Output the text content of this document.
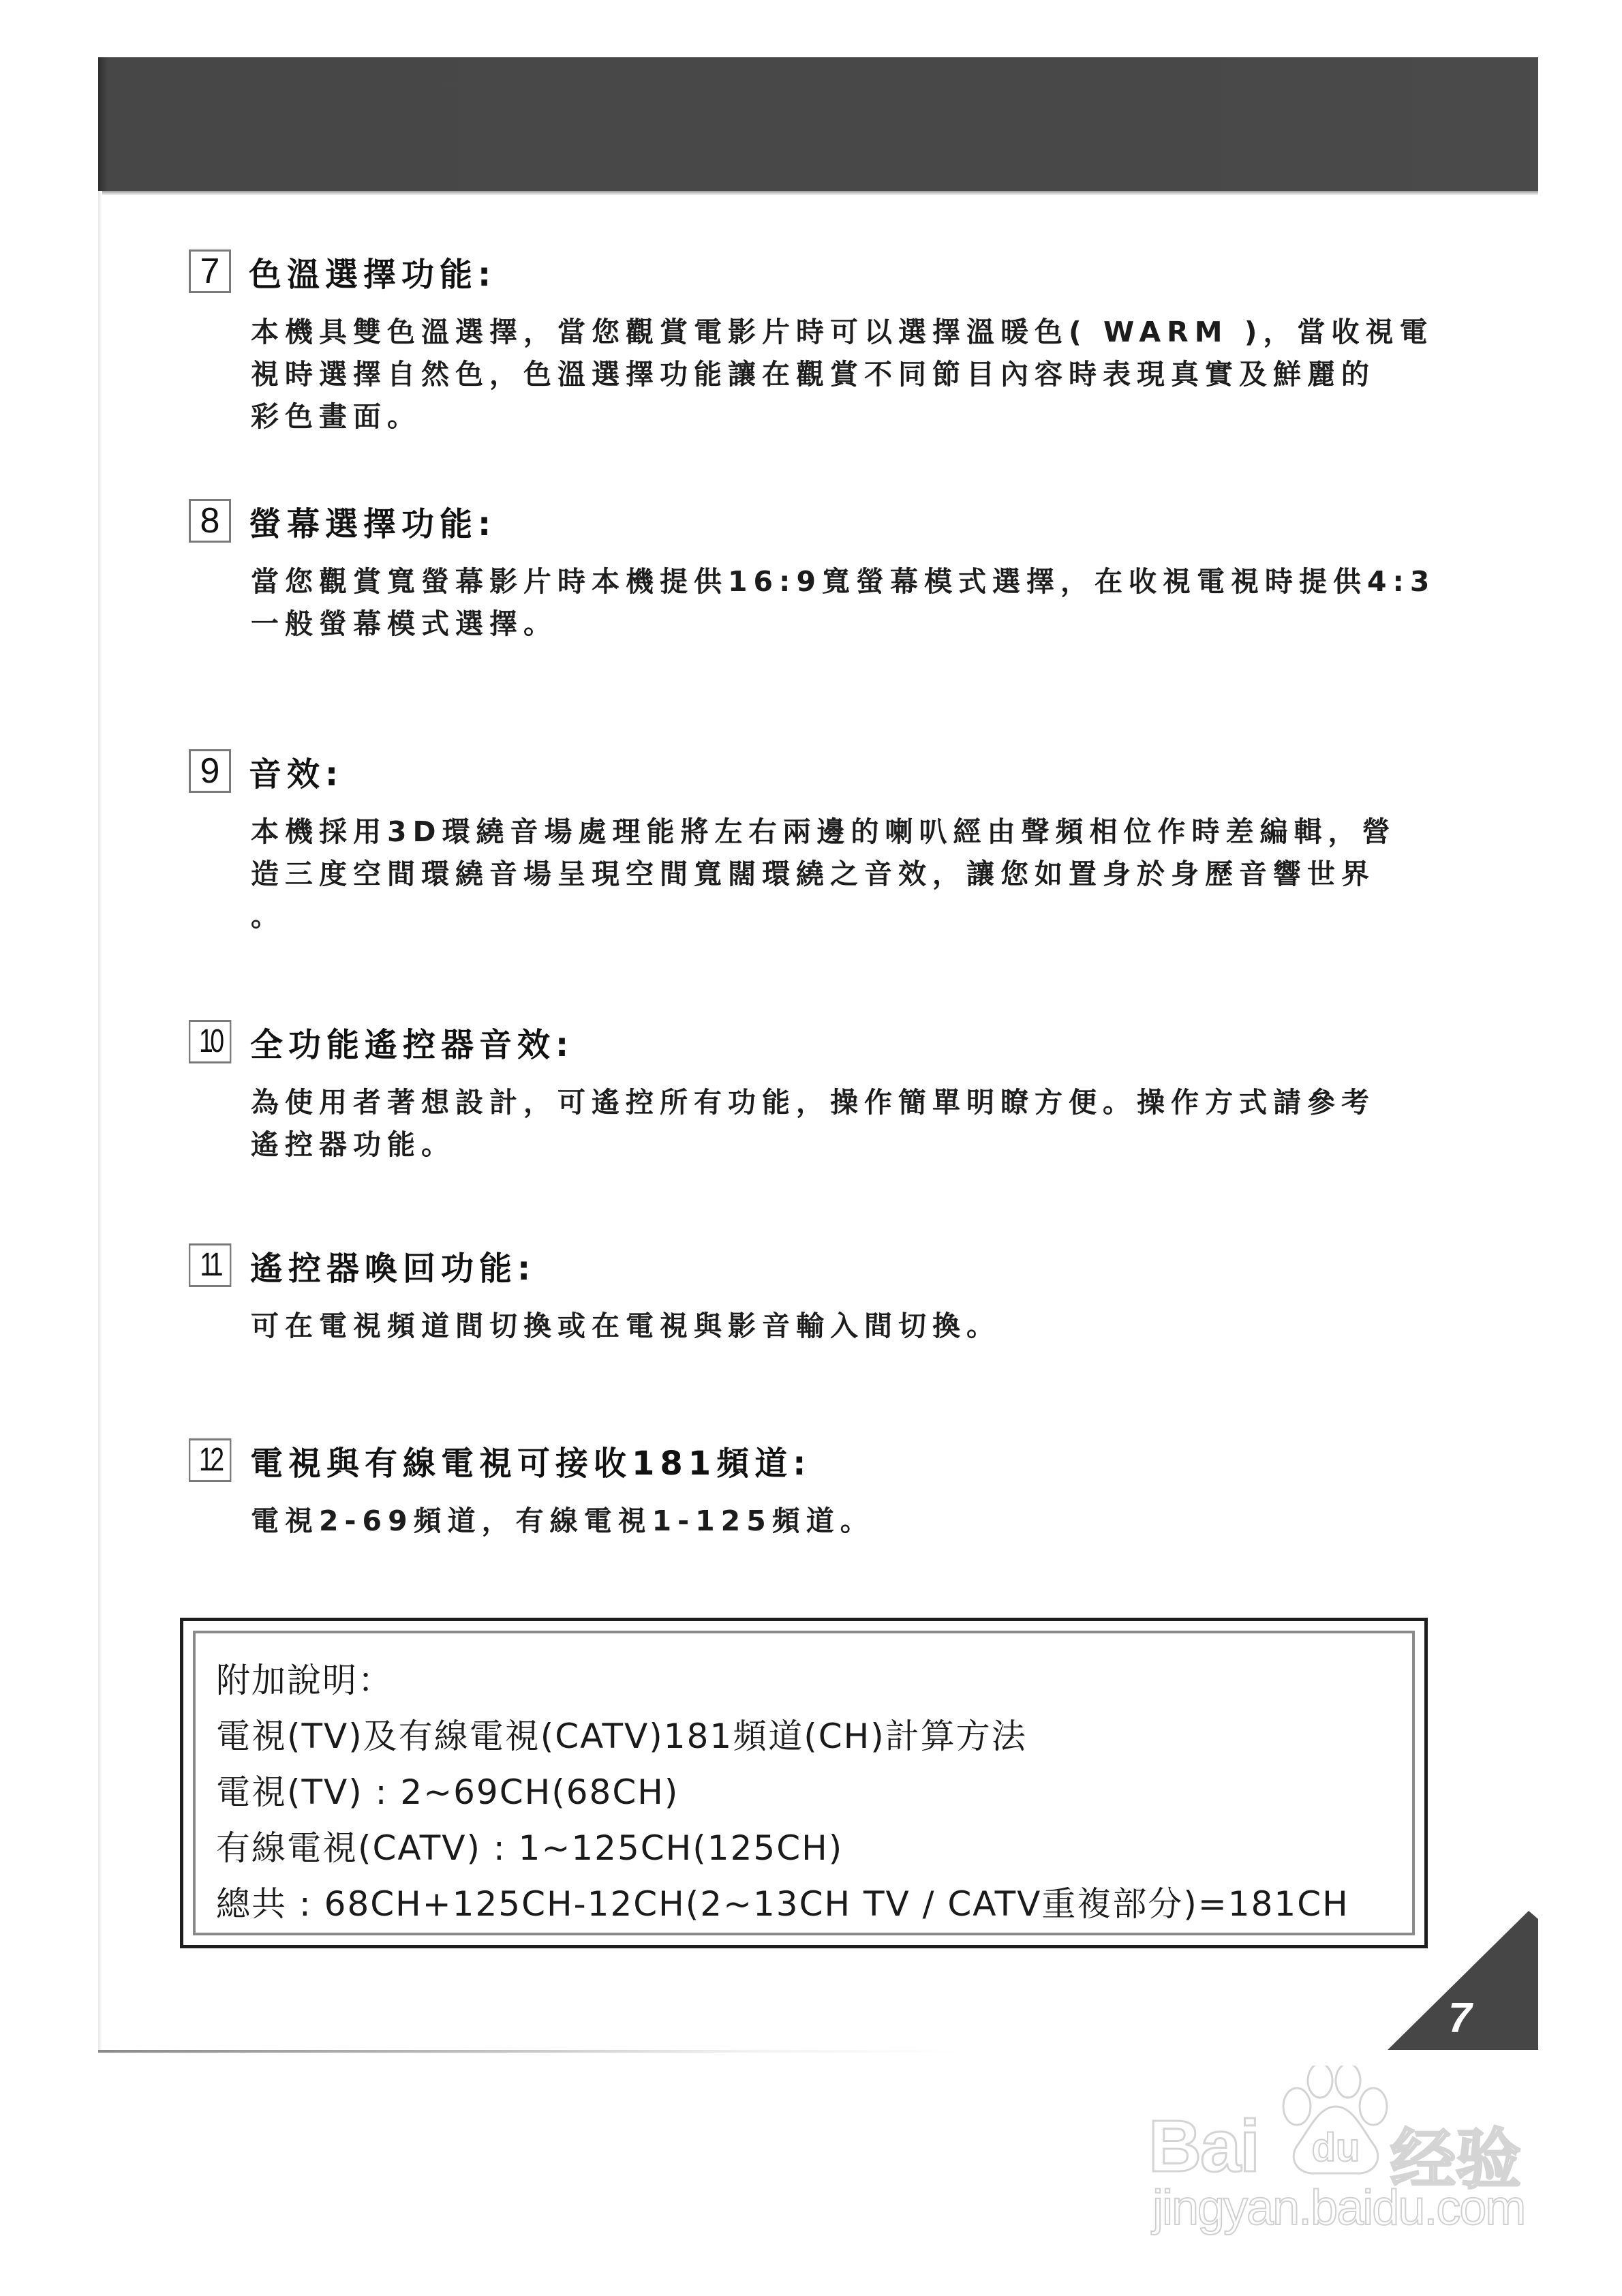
7 色溫選擇功能:

本機具雙色溫選擇，當您觀賞電影片時可以選擇溫暖色( WARM )，當收視電

視時選擇自然色，色溫選擇功能讓在觀賞不同節目內容時表現真實及鮮麗的

彩色畫面。

8 螢幕選擇功能:

當您觀賞寬螢幕影片時本機提供16:9寬螢幕模式選擇，在收視電視時提供4:3

一般螢幕模式選擇。

9 音效:

本機採用3D環繞音場處理能將左右兩邊的喇叭經由聲頻相位作時差編輯，營

造三度空間環繞音場呈現空間寬闊環繞之音效，讓您如置身於身歷音響世界

。

10 全功能遙控器音效:

為使用者著想設計，可遙控所有功能，操作簡單明瞭方便。操作方式請參考

遙控器功能。

11 遙控器喚回功能:

可在電視頻道間切換或在電視與影音輸入間切換。

12 電視與有線電視可接收181頻道:

電視2-69頻道，有線電視1-125頻道。

附加說明：

電視(TV)及有線電視(CATV)181頻道(CH)計算方法

電視(TV) : 2~69CH(68CH)

有線電視(CATV) : 1~125CH(125CH)

總共 : 68CH+125CH-12CH(2~13CH TV / CATV重複部分)=181CH

7
Bai du 经验
jingyan.baidu.com
